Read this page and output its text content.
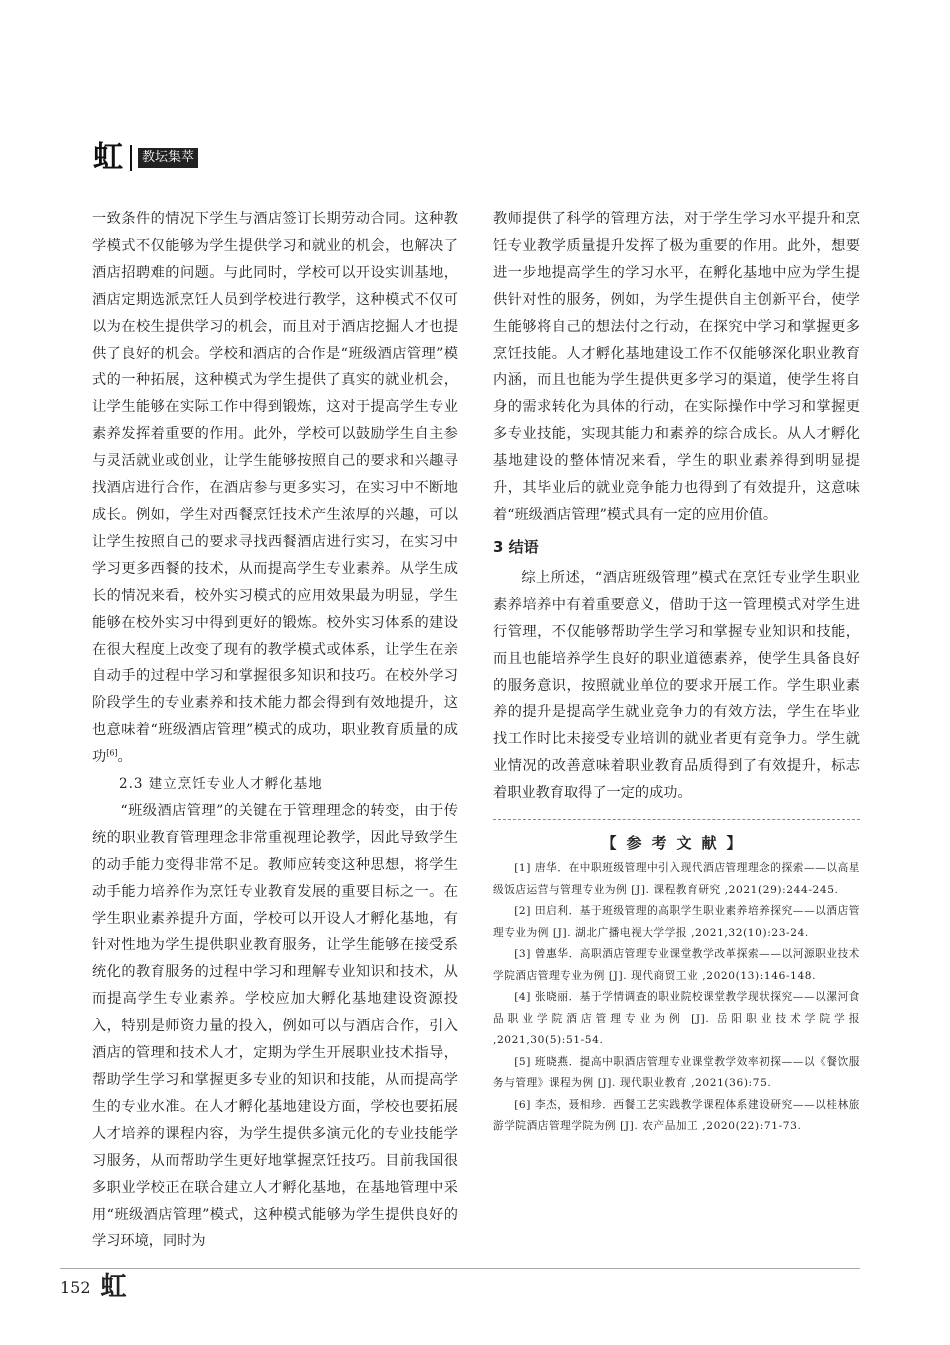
虹	教坛集萃

一致条件的情况下学生与酒店签订长期劳动合同。这种教学模式不仅能够为学生提供学习和就业的机会，也解决了酒店招聘难的问题。与此同时，学校可以开设实训基地，酒店定期选派烹饪人员到学校进行教学，这种模式不仅可以为在校生提供学习的机会，而且对于酒店挖掘人才也提供了良好的机会。学校和酒店的合作是“班级酒店管理”模式的一种拓展，这种模式为学生提供了真实的就业机会，让学生能够在实际工作中得到锻炼，这对于提高学生专业素养发挥着重要的作用。此外，学校可以鼓励学生自主参与灵活就业或创业，让学生能够按照自己的要求和兴趣寻找酒店进行合作，在酒店参与更多实习，在实习中不断地成长。例如，学生对西餐烹饪技术产生浓厚的兴趣，可以让学生按照自己的要求寻找西餐酒店进行实习，在实习中学习更多西餐的技术，从而提高学生专业素养。从学生成长的情况来看，校外实习模式的应用效果最为明显，学生能够在校外实习中得到更好的锻炼。校外实习体系的建设在很大程度上改变了现有的教学模式或体系，让学生在亲自动手的过程中学习和掌握很多知识和技巧。在校外学习阶段学生的专业素养和技术能力都会得到有效地提升，这也意味着“班级酒店管理”模式的成功，职业教育质量的成功[6]。

2.3 建立烹饪专业人才孵化基地

“班级酒店管理”的关键在于管理理念的转变，由于传统的职业教育管理理念非常重视理论教学，因此导致学生的动手能力变得非常不足。教师应转变这种思想，将学生动手能力培养作为烹饪专业教育发展的重要目标之一。在学生职业素养提升方面，学校可以开设人才孵化基地，有针对性地为学生提供职业教育服务，让学生能够在接受系统化的教育服务的过程中学习和理解专业知识和技术，从而提高学生专业素养。学校应加大孵化基地建设资源投入，特别是师资力量的投入，例如可以与酒店合作，引入酒店的管理和技术人才，定期为学生开展职业技术指导，帮助学生学习和掌握更多专业的知识和技能，从而提高学生的专业水准。在人才孵化基地建设方面，学校也要拓展人才培养的课程内容，为学生提供多演元化的专业技能学习服务，从而帮助学生更好地掌握烹饪技巧。目前我国很多职业学校正在联合建立人才孵化基地，在基地管理中采用“班级酒店管理”模式，这种模式能够为学生提供良好的学习环境，同时为

教师提供了科学的管理方法，对于学生学习水平提升和烹饪专业教学质量提升发挥了极为重要的作用。此外，想要进一步地提高学生的学习水平，在孵化基地中应为学生提供针对性的服务，例如，为学生提供自主创新平台，使学生能够将自己的想法付之行动，在探究中学习和掌握更多烹饪技能。人才孵化基地建设工作不仅能够深化职业教育内涵，而且也能为学生提供更多学习的渠道，使学生将自身的需求转化为具体的行动，在实际操作中学习和掌握更多专业技能，实现其能力和素养的综合成长。从人才孵化基地建设的整体情况来看，学生的职业素养得到明显提升，其毕业后的就业竞争能力也得到了有效提升，这意味着“班级酒店管理”模式具有一定的应用价值。

3 结语

综上所述，“酒店班级管理”模式在烹饪专业学生职业素养培养中有着重要意义，借助于这一管理模式对学生进行管理，不仅能够帮助学生学习和掌握专业知识和技能，而且也能培养学生良好的职业道德素养，使学生具备良好的服务意识，按照就业单位的要求开展工作。学生职业素养的提升是提高学生就业竞争力的有效方法，学生在毕业找工作时比未接受专业培训的就业者更有竞争力。学生就业情况的改善意味着职业教育品质得到了有效提升，标志着职业教育取得了一定的成功。

【参考文献】

[1] 唐华．在中职班级管理中引入现代酒店管理理念的探索——以高星级饭店运营与管理专业为例 [J]. 课程教育研究 ,2021(29):244-245.

[2] 田启利．基于班级管理的高职学生职业素养培养探究——以酒店管理专业为例 [J]. 湖北广播电视大学学报 ,2021,32(10):23-24.

[3] 曾惠华．高职酒店管理专业课堂教学改革探索——以河源职业技术学院酒店管理专业为例 [J]. 现代商贸工业 ,2020(13):146-148.

[4] 张晓丽．基于学情调查的职业院校课堂教学现状探究——以漯河食品职业学院酒店管理专业为例 [J]. 岳阳职业技术学院学报 ,2021,30(5):51-54.

[5] 班晓燕．提高中职酒店管理专业课堂教学效率初探——以《餐饮服务与管理》课程为例 [J]. 现代职业教育 ,2021(36):75.

[6] 李杰，聂相珍．西餐工艺实践教学课程体系建设研究——以桂林旅游学院酒店管理学院为例 [J]. 农产品加工 ,2020(22):71-73.

152 虹
